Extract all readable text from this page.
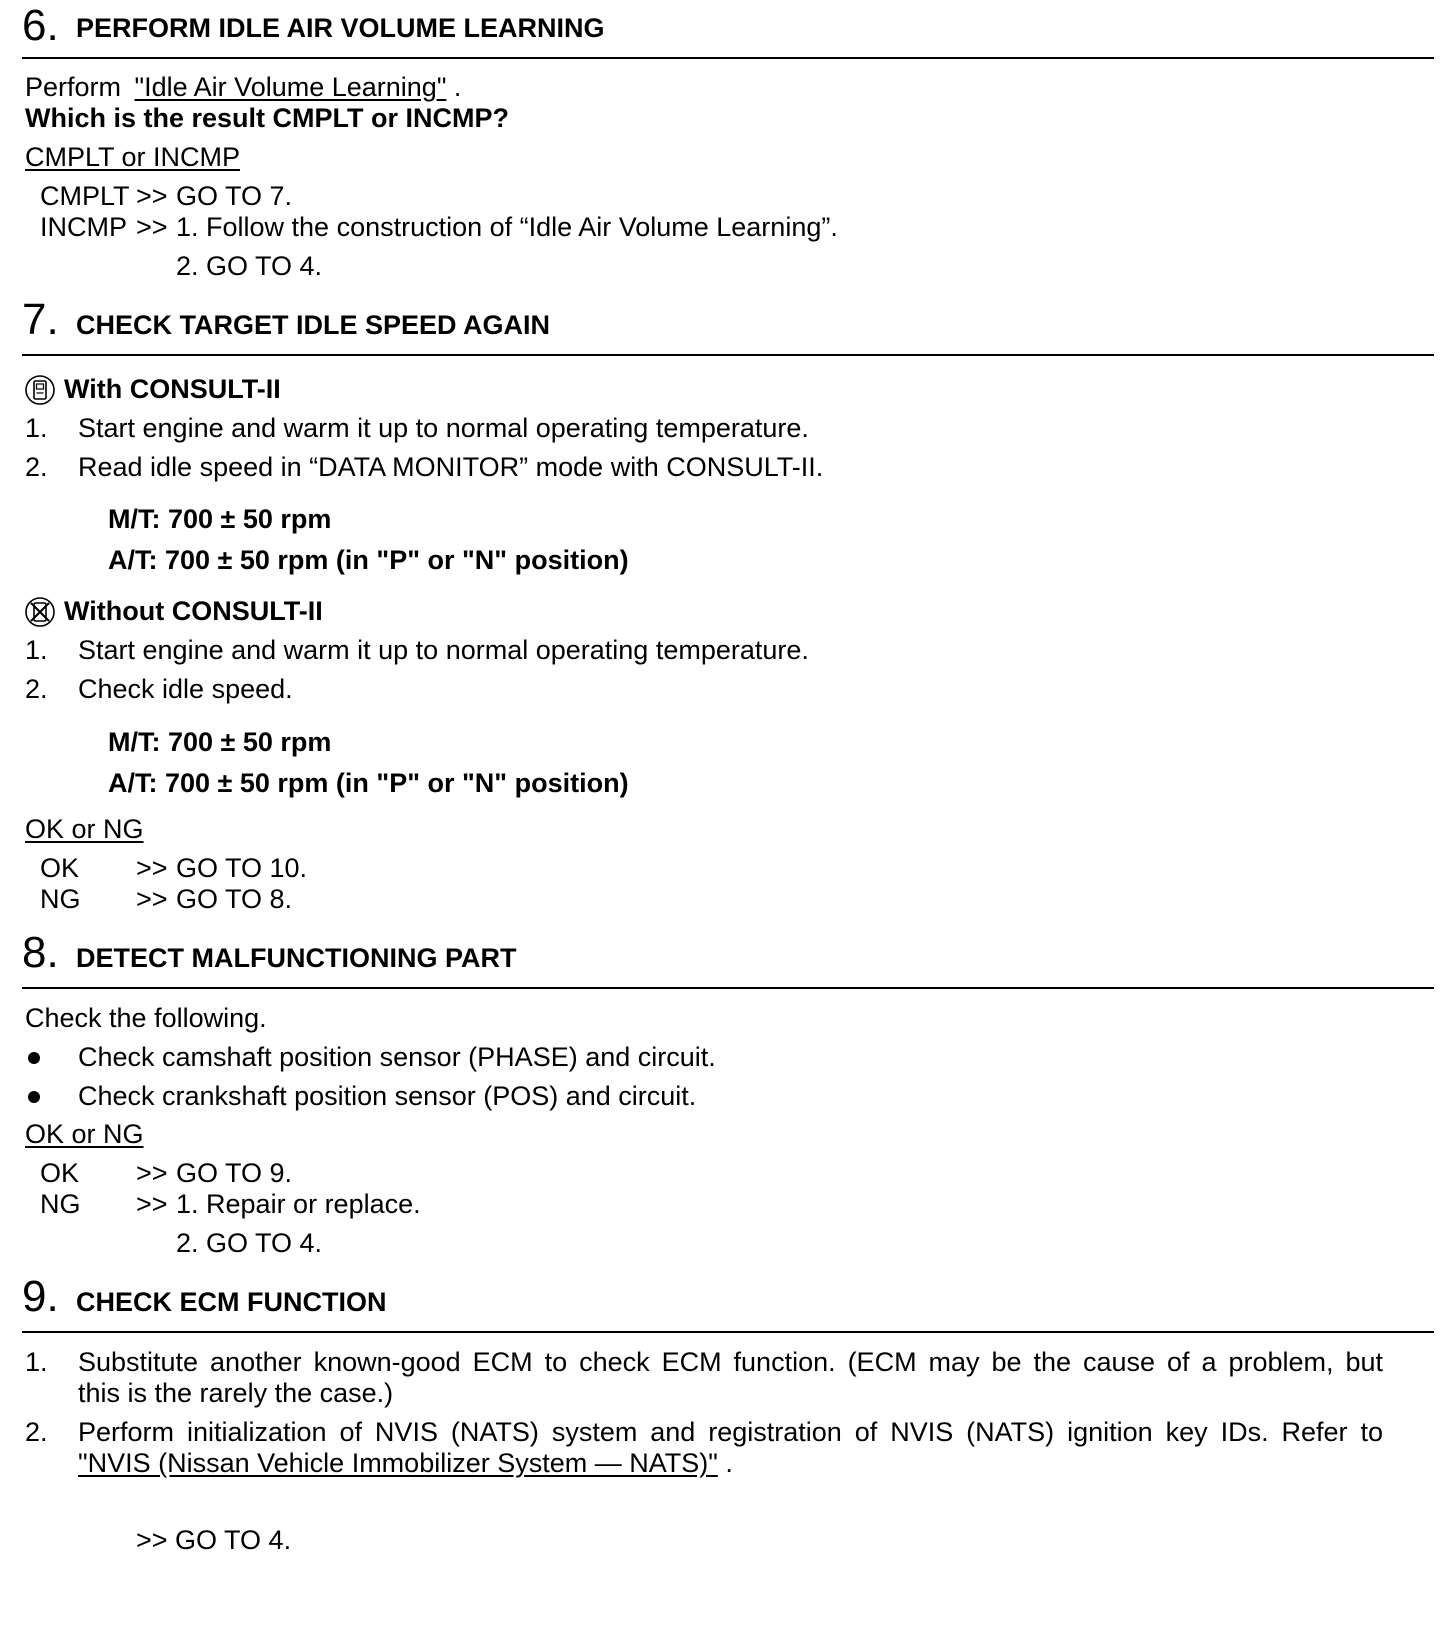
6. PERFORM IDLE AIR VOLUME LEARNING
Perform "Idle Air Volume Learning" .
Which is the result CMPLT or INCMP?
CMPLT or INCMP
CMPLT >> GO TO 7.
INCMP >> 1. Follow the construction of “Idle Air Volume Learning”.
2. GO TO 4.
7. CHECK TARGET IDLE SPEED AGAIN
With CONSULT-II
1. Start engine and warm it up to normal operating temperature.
2. Read idle speed in “DATA MONITOR” mode with CONSULT-II.
M/T: 700 ± 50 rpm
A/T: 700 ± 50 rpm (in "P" or "N" position)
Without CONSULT-II
1. Start engine and warm it up to normal operating temperature.
2. Check idle speed.
M/T: 700 ± 50 rpm
A/T: 700 ± 50 rpm (in "P" or "N" position)
OK or NG
OK >> GO TO 10.
NG >> GO TO 8.
8. DETECT MALFUNCTIONING PART
Check the following.
Check camshaft position sensor (PHASE) and circuit.
Check crankshaft position sensor (POS) and circuit.
OK or NG
OK >> GO TO 9.
NG >> 1. Repair or replace.
2. GO TO 4.
9. CHECK ECM FUNCTION
1. Substitute another known-good ECM to check ECM function. (ECM may be the cause of a problem, but
this is the rarely the case.)
2. Perform initialization of NVIS (NATS) system and registration of NVIS (NATS) ignition key IDs. Refer to
"NVIS (Nissan Vehicle Immobilizer System — NATS)" .
>> GO TO 4.
